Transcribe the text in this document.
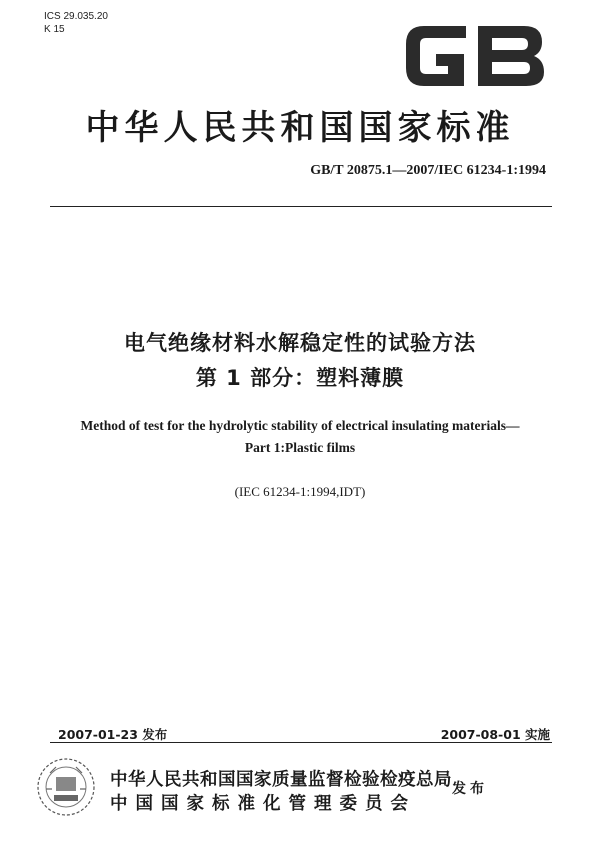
ICS 29.035.20
K 15
中华人民共和国国家标准
GB/T 20875.1—2007/IEC 61234-1:1994
电气绝缘材料水解稳定性的试验方法
第 1 部分：塑料薄膜
Method of test for the hydrolytic stability of electrical insulating materials—
Part 1:Plastic films
(IEC 61234-1:1994,IDT)
2007-01-23 发布	2007-08-01 实施
中华人民共和国国家质量监督检验检疫总局
中国国家标准化管理委员会
发布
